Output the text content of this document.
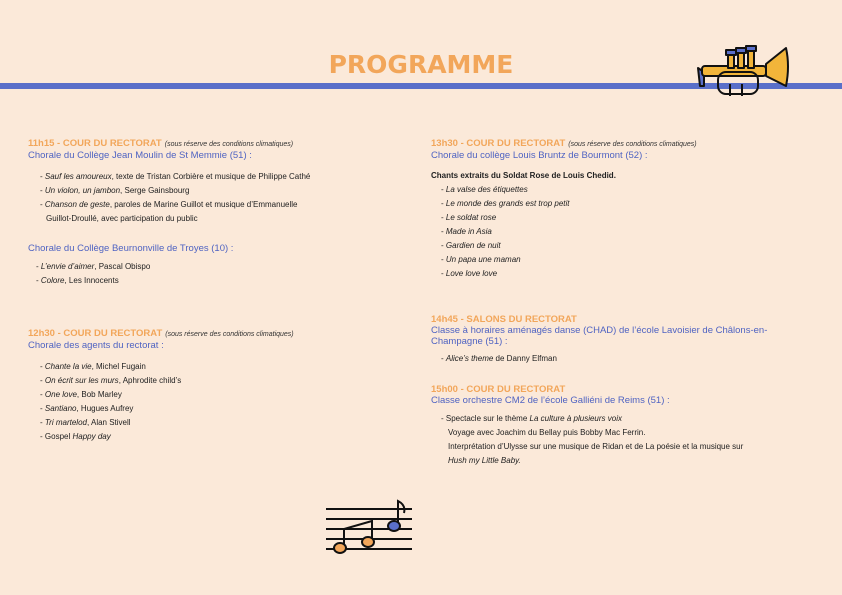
PROGRAMME
11h15 - COUR DU RECTORAT (sous réserve des conditions climatiques)
Chorale du Collège Jean Moulin de St Memmie (51) :
- Sauf les amoureux, texte de Tristan Corbière et musique de Philippe Cathé
- Un violon, un jambon, Serge Gainsbourg
- Chanson de geste, paroles de Marine Guillot et musique d’Emmanuelle
Guillot-Droullé, avec participation du public
Chorale du Collège Beurnonville de Troyes (10) :
- L’envie d’aimer, Pascal Obispo
- Colore, Les Innocents
12h30 - COUR DU RECTORAT (sous réserve des conditions climatiques)
Chorale des agents du rectorat :
- Chante la vie, Michel Fugain
- On écrit sur les murs, Aphrodite child’s
- One love, Bob Marley
- Santiano, Hugues Aufrey
- Tri martelod, Alan Stivell
- Gospel Happy day
13h30 - COUR DU RECTORAT (sous réserve des conditions climatiques)
Chorale du collège Louis Bruntz de Bourmont (52) :
Chants extraits du Soldat Rose de Louis Chedid.
- La valse des étiquettes
- Le monde des grands est trop petit
- Le soldat rose
- Made in Asia
- Gardien de nuit
- Un papa une maman
- Love love love
14h45 - SALONS DU RECTORAT
Classe à horaires aménagés danse (CHAD) de l’école Lavoisier de Châlons-en-
Champagne (51) :
- Alice’s theme de Danny Elfman
15h00 - COUR DU RECTORAT
Classe orchestre CM2 de l’école Galliéni de Reims (51) :
- Spectacle sur le thème La culture à plusieurs voix
Voyage avec Joachim du Bellay puis Bobby Mac Ferrin.
Interprétation d’Ulysse sur une musique de Ridan et de La poésie et la musique sur
Hush my Little Baby.
